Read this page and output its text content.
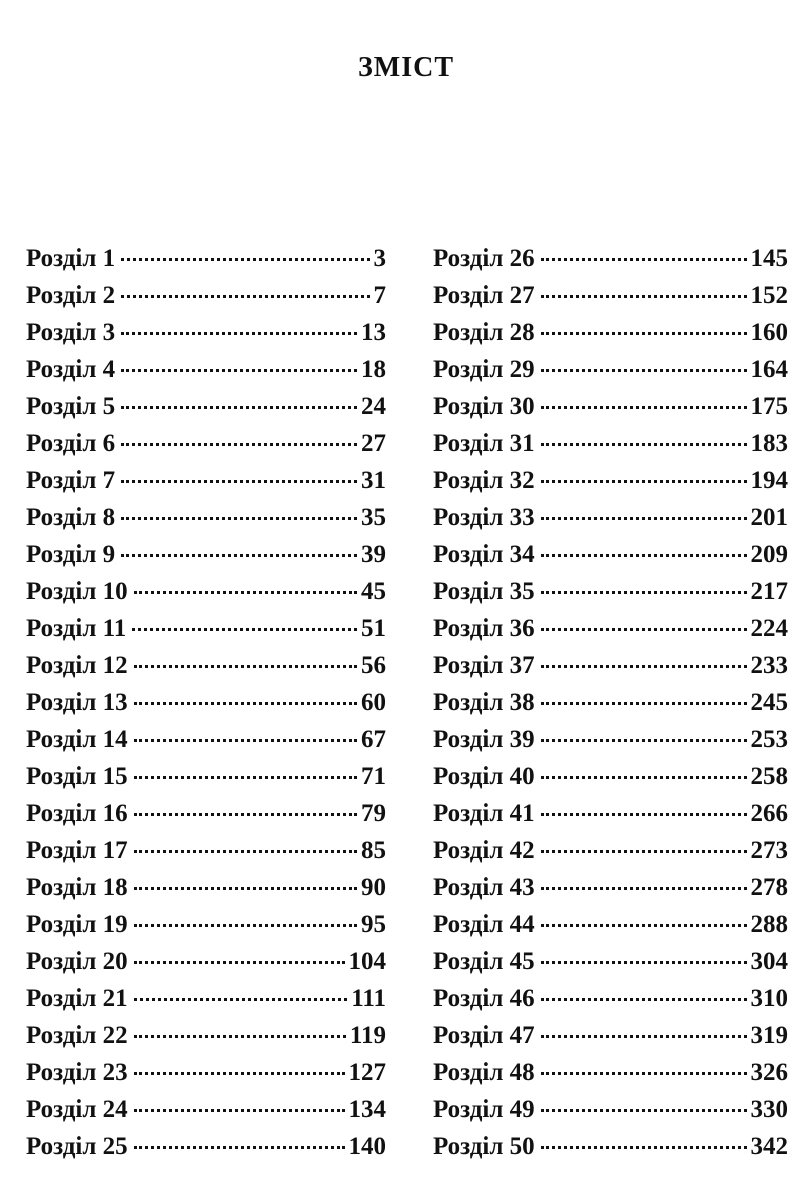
ЗМІСТ
Розділ 1	3
Розділ 2	7
Розділ 3	13
Розділ 4	18
Розділ 5	24
Розділ 6	27
Розділ 7	31
Розділ 8	35
Розділ 9	39
Розділ 10	45
Розділ 11	51
Розділ 12	56
Розділ 13	60
Розділ 14	67
Розділ 15	71
Розділ 16	79
Розділ 17	85
Розділ 18	90
Розділ 19	95
Розділ 20	104
Розділ 21	111
Розділ 22	119
Розділ 23	127
Розділ 24	134
Розділ 25	140
Розділ 26	145
Розділ 27	152
Розділ 28	160
Розділ 29	164
Розділ 30	175
Розділ 31	183
Розділ 32	194
Розділ 33	201
Розділ 34	209
Розділ 35	217
Розділ 36	224
Розділ 37	233
Розділ 38	245
Розділ 39	253
Розділ 40	258
Розділ 41	266
Розділ 42	273
Розділ 43	278
Розділ 44	288
Розділ 45	304
Розділ 46	310
Розділ 47	319
Розділ 48	326
Розділ 49	330
Розділ 50	342
